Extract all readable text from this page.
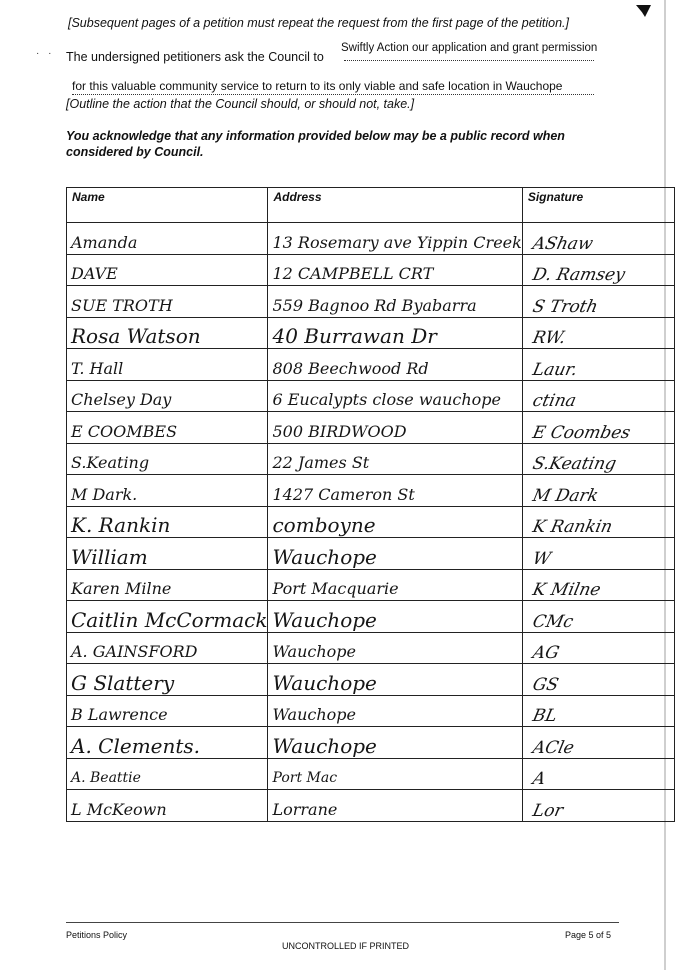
· ·
[Subsequent pages of a petition must repeat the request from the first page of the petition.]
The undersigned petitioners ask the Council to
Swiftly Action our application and grant permission
for this valuable community service to return to its only viable and safe location in Wauchope
[Outline the action that the Council should, or should not, take.]
You acknowledge that any information provided below may be a public record when considered by Council.
Name	Address	Signature
Amanda	13 Rosemary ave Yippin Creek	AShaw
DAVE	12 CAMPBELL CRT	D. Ramsey
SUE TROTH	559 Bagnoo Rd Byabarra	S Troth
Rosa Watson	40 Burrawan Dr	RW.
T. Hall	808 Beechwood Rd	Laur.
Chelsey Day	6 Eucalypts close wauchope	ctina
E COOMBES	500 BIRDWOOD	E Coombes
S.Keating	22 James St	S.Keating
M Dark.	1427 Cameron St	M Dark
K. Rankin	comboyne	K Rankin
William	Wauchope	W
Karen Milne	Port Macquarie	K Milne
Caitlin McCormack	Wauchope	CMc
A. GAINSFORD	Wauchope	AG
G Slattery	Wauchope	GS
B Lawrence	Wauchope	BL
A. Clements.	Wauchope	ACle
A. Beattie	Port Mac	A
L McKeown	Lorrane	Lor
Petitions Policy	Page 5 of 5
UNCONTROLLED IF PRINTED
